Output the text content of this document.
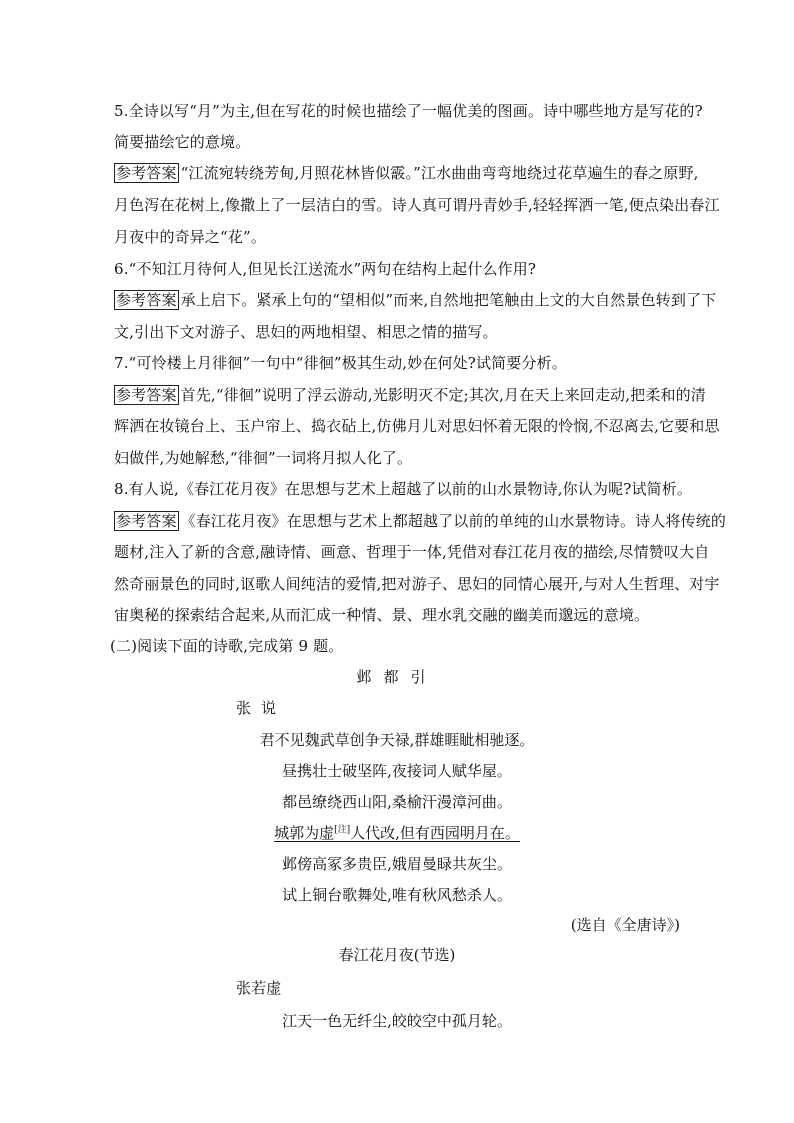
5.全诗以写“月”为主,但在写花的时候也描绘了一幅优美的图画。诗中哪些地方是写花的?
简要描绘它的意境。
参考答案 “江流宛转绕芳甸,月照花林皆似霰。”江水曲曲弯弯地绕过花草遍生的春之原野,
月色泻在花树上,像撒上了一层洁白的雪。诗人真可谓丹青妙手,轻轻挥洒一笔,便点染出春江
月夜中的奇异之“花”。
6.“不知江月待何人,但见长江送流水”两句在结构上起什么作用?
参考答案 承上启下。紧承上句的“望相似”而来,自然地把笔触由上文的大自然景色转到了下
文,引出下文对游子、思妇的两地相望、相思之情的描写。
7.“可怜楼上月徘徊”一句中“徘徊”极其生动,妙在何处?试简要分析。
参考答案 首先,“徘徊”说明了浮云游动,光影明灭不定;其次,月在天上来回走动,把柔和的清
辉洒在妆镜台上、玉户帘上、捣衣砧上,仿佛月儿对思妇怀着无限的怜悯,不忍离去,它要和思
妇做伴,为她解愁,“徘徊”一词将月拟人化了。
8.有人说,《春江花月夜》在思想与艺术上超越了以前的山水景物诗,你认为呢?试简析。
参考答案 《春江花月夜》在思想与艺术上都超越了以前的单纯的山水景物诗。诗人将传统的
题材,注入了新的含意,融诗情、画意、哲理于一体,凭借对春江花月夜的描绘,尽情赞叹大自
然奇丽景色的同时,讴歌人间纯洁的爱情,把对游子、思妇的同情心展开,与对人生哲理、对宇
宙奥秘的探索结合起来,从而汇成一种情、景、理水乳交融的幽美而邈远的意境。
(二)阅读下面的诗歌,完成第 9 题。
邺都引
张说
君不见魏武草创争天禄,群雄睚眦相驰逐。
昼携壮士破坚阵,夜接词人赋华屋。
都邑缭绕西山阳,桑榆汗漫漳河曲。
城郭为虚[注]人代改,但有西园明月在。
邺傍高冢多贵臣,娥眉曼睩共灰尘。
试上铜台歌舞处,唯有秋风愁杀人。
(选自《全唐诗》)
春江花月夜(节选)
张若虚
江天一色无纤尘,皎皎空中孤月轮。
